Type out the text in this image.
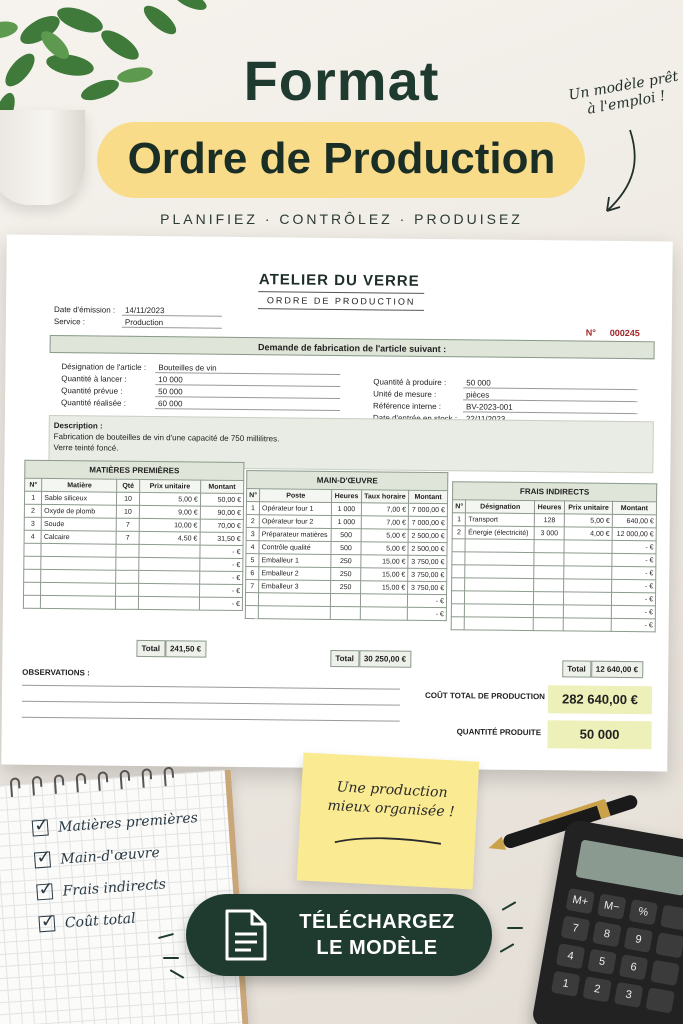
Format
Ordre de Production
PLANIFIEZ · CONTRÔLEZ · PRODUISEZ
Un modèle prêt à l'emploi !
ATELIER DU VERRE
ORDRE DE PRODUCTION
Date d'émission :	14/11/2023
Service :	Production
N° 000245
Demande de fabrication de l'article suivant :
Désignation de l'article :	Bouteilles de vin
Quantité à lancer :	10 000
Quantité prévue :	50 000
Quantité réalisée :	60 000
Quantité à produire :	50 000
Unité de mesure :	pièces
Référence interne :	BV-2023-001
Description :
Fabrication de bouteilles de vin d'une capacité de 750 millilitres.
Verre teinté foncé.
MATIÈRES PREMIÈRES
N°	Matière	Qté	Prix unitaire	Montant
1	Sable siliceux	10	5,00 €	50,00 €
2	Oxyde de plomb	10	9,00 €	90,00 €
3	Soude	7	10,00 €	70,00 €
4	Calcaire	7	4,50 €	31,50 €
				- €
				- €
				- €
				- €
				- €
Total 241,50 €
MAIN-D'ŒUVRE
N°	Poste	Heures	Taux horaire	Montant
1	Opérateur four 1	1 000	7,00 €	7 000,00 €
2	Opérateur four 2	1 000	7,00 €	7 000,00 €
3	Préparateur matières	500	5,00 €	2 500,00 €
4	Contrôle qualité	500	5,00 €	2 500,00 €
5	Emballeur 1	250	15,00 €	3 750,00 €
6	Emballeur 2	250	15,00 €	3 750,00 €
7	Emballeur 3	250	15,00 €	3 750,00 €
				- €
				- €
Total 30 250,00 €
FRAIS INDIRECTS
N°	Désignation	Heures	Prix unitaire	Montant
1	Transport	128	5,00 €	640,00 €
2	Énergie (électricité)	3 000	4,00 €	12 000,00 €
				- €
				- €
				- €
				- €
				- €
				- €
				- €
Total 12 640,00 €
OBSERVATIONS :
COÛT TOTAL DE PRODUCTION	282 640,00 €
QUANTITÉ PRODUITE	50 000
✓
Matières premières
✓
Main-d'œuvre
✓
Frais indirects
✓
Coût total
Une production mieux organisée !
M+	M−	%
7	8	9
4	5	6
1	2	3
TÉLÉCHARGEZ
LE MODÈLE
